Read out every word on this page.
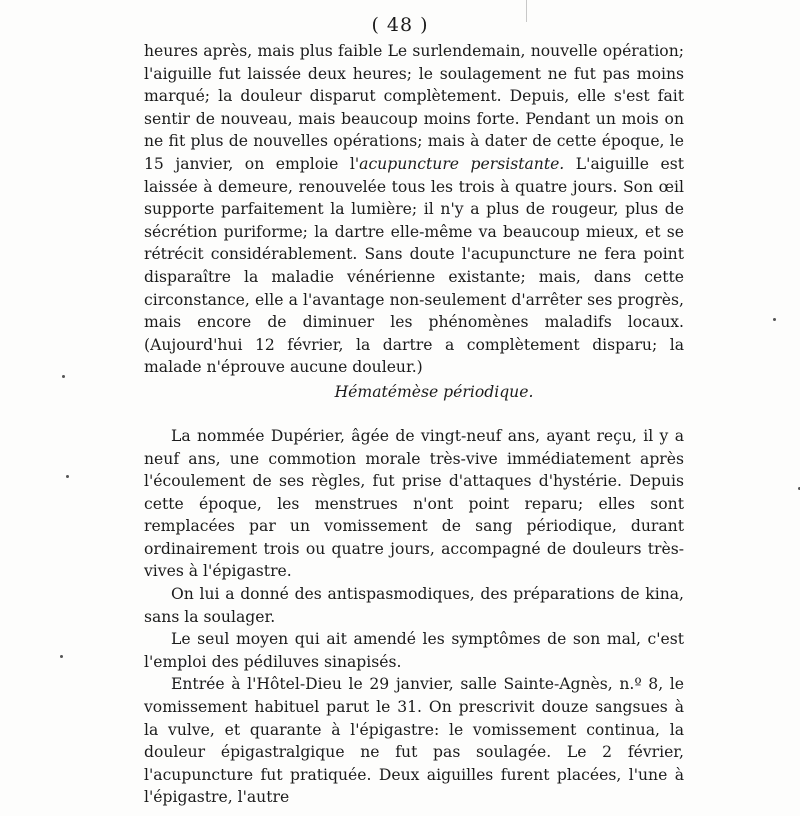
( 48 )

heures après, mais plus faible Le surlendemain, nouvelle opération; l'aiguille fut laissée deux heures; le soulagement ne fut pas moins marqué; la douleur disparut complètement. Depuis, elle s'est fait sentir de nouveau, mais beaucoup moins forte. Pendant un mois on ne fit plus de nouvelles opérations; mais à dater de cette époque, le 15 janvier, on emploie l'acupuncture persistante. L'aiguille est laissée à demeure, renouvelée tous les trois à quatre jours. Son œil supporte parfaitement la lumière; il n'y a plus de rougeur, plus de sécrétion puriforme; la dartre elle-même va beaucoup mieux, et se rétrécit considérablement. Sans doute l'acupuncture ne fera point disparaître la maladie vénérienne existante; mais, dans cette circonstance, elle a l'avantage non-seulement d'arrêter ses progrès, mais encore de diminuer les phénomènes maladifs locaux. (Aujourd'hui 12 février, la dartre a complètement disparu; la malade n'éprouve aucune douleur.)

Hématémèse périodique.

La nommée Dupérier, âgée de vingt-neuf ans, ayant reçu, il y a neuf ans, une commotion morale très-vive immédiatement après l'écoulement de ses règles, fut prise d'attaques d'hystérie. Depuis cette époque, les menstrues n'ont point reparu; elles sont remplacées par un vomissement de sang périodique, durant ordinairement trois ou quatre jours, accompagné de douleurs très-vives à l'épigastre.

On lui a donné des antispasmodiques, des préparations de kina, sans la soulager.

Le seul moyen qui ait amendé les symptômes de son mal, c'est l'emploi des pédiluves sinapisés.

Entrée à l'Hôtel-Dieu le 29 janvier, salle Sainte-Agnès, n.º 8, le vomissement habituel parut le 31. On prescrivit douze sangsues à la vulve, et quarante à l'épigastre: le vomissement continua, la douleur épigastralgique ne fut pas soulagée. Le 2 février, l'acupuncture fut pratiquée. Deux aiguilles furent placées, l'une à l'épigastre, l'autre
